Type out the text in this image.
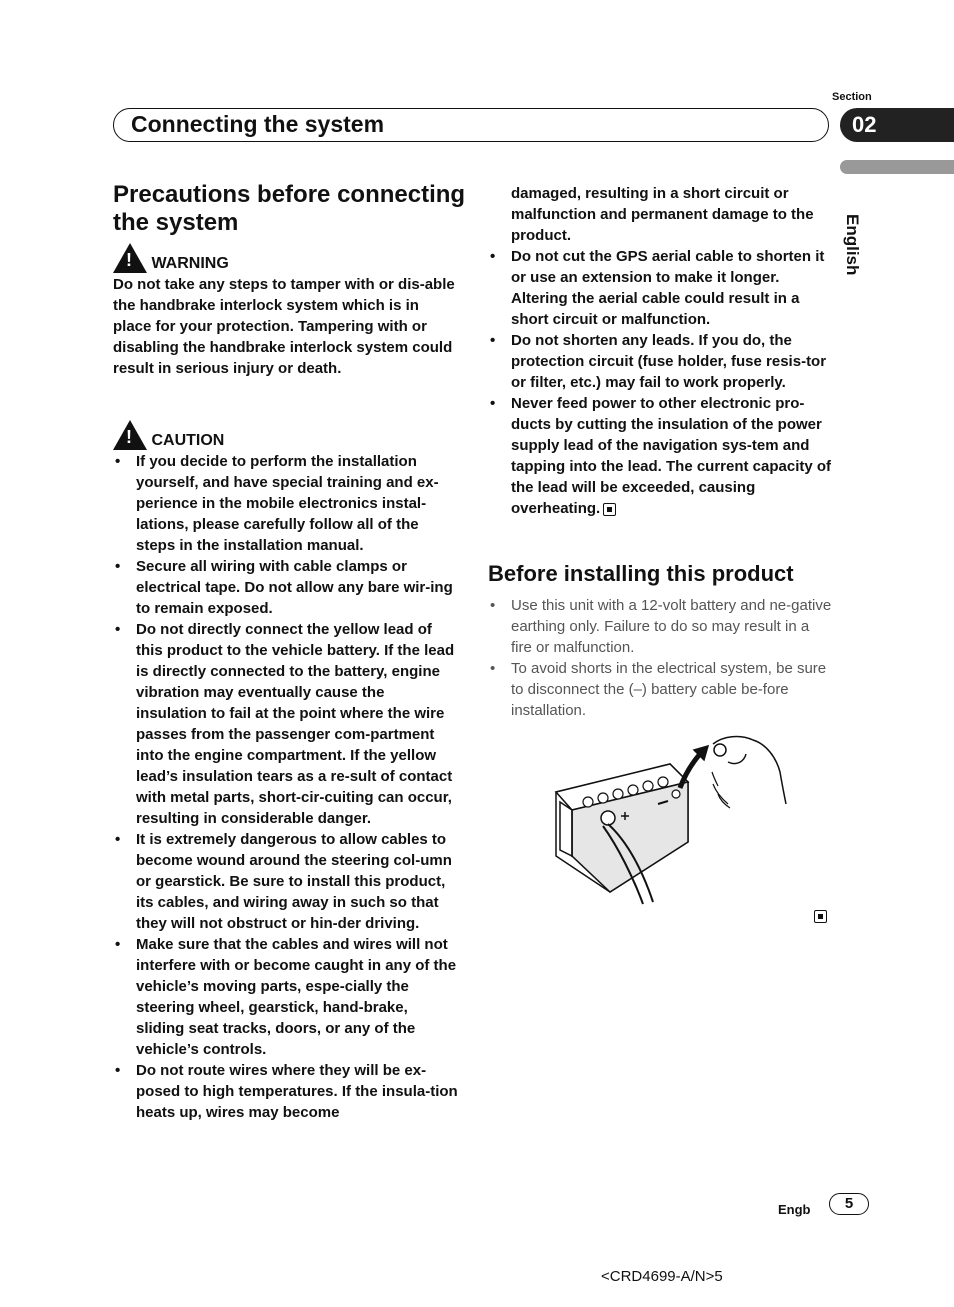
Section
Connecting the system	02
English
Precautions before connecting the system
! WARNING
Do not take any steps to tamper with or dis-able the handbrake interlock system which is in place for your protection. Tampering with or disabling the handbrake interlock system could result in serious injury or death.
! CAUTION
• If you decide to perform the installation yourself, and have special training and ex-perience in the mobile electronics instal-lations, please carefully follow all of the steps in the installation manual.
• Secure all wiring with cable clamps or electrical tape. Do not allow any bare wir-ing to remain exposed.
• Do not directly connect the yellow lead of this product to the vehicle battery. If the lead is directly connected to the battery, engine vibration may eventually cause the insulation to fail at the point where the wire passes from the passenger com-partment into the engine compartment. If the yellow lead’s insulation tears as a re-sult of contact with metal parts, short-cir-cuiting can occur, resulting in considerable danger.
• It is extremely dangerous to allow cables to become wound around the steering col-umn or gearstick. Be sure to install this product, its cables, and wiring away in such so that they will not obstruct or hin-der driving.
• Make sure that the cables and wires will not interfere with or become caught in any of the vehicle’s moving parts, espe-cially the steering wheel, gearstick, hand-brake, sliding seat tracks, doors, or any of the vehicle’s controls.
• Do not route wires where they will be ex-posed to high temperatures. If the insula-tion heats up, wires may become
damaged, resulting in a short circuit or malfunction and permanent damage to the product.
• Do not cut the GPS aerial cable to shorten it or use an extension to make it longer. Altering the aerial cable could result in a short circuit or malfunction.
• Do not shorten any leads. If you do, the protection circuit (fuse holder, fuse resis-tor or filter, etc.) may fail to work properly.
• Never feed power to other electronic pro-ducts by cutting the insulation of the power supply lead of the navigation sys-tem and tapping into the lead. The current capacity of the lead will be exceeded, causing overheating.
Before installing this product
• Use this unit with a 12-volt battery and ne-gative earthing only. Failure to do so may result in a fire or malfunction.
• To avoid shorts in the electrical system, be sure to disconnect the (–) battery cable be-fore installation.
Engb	5
<CRD4699-A/N>5
